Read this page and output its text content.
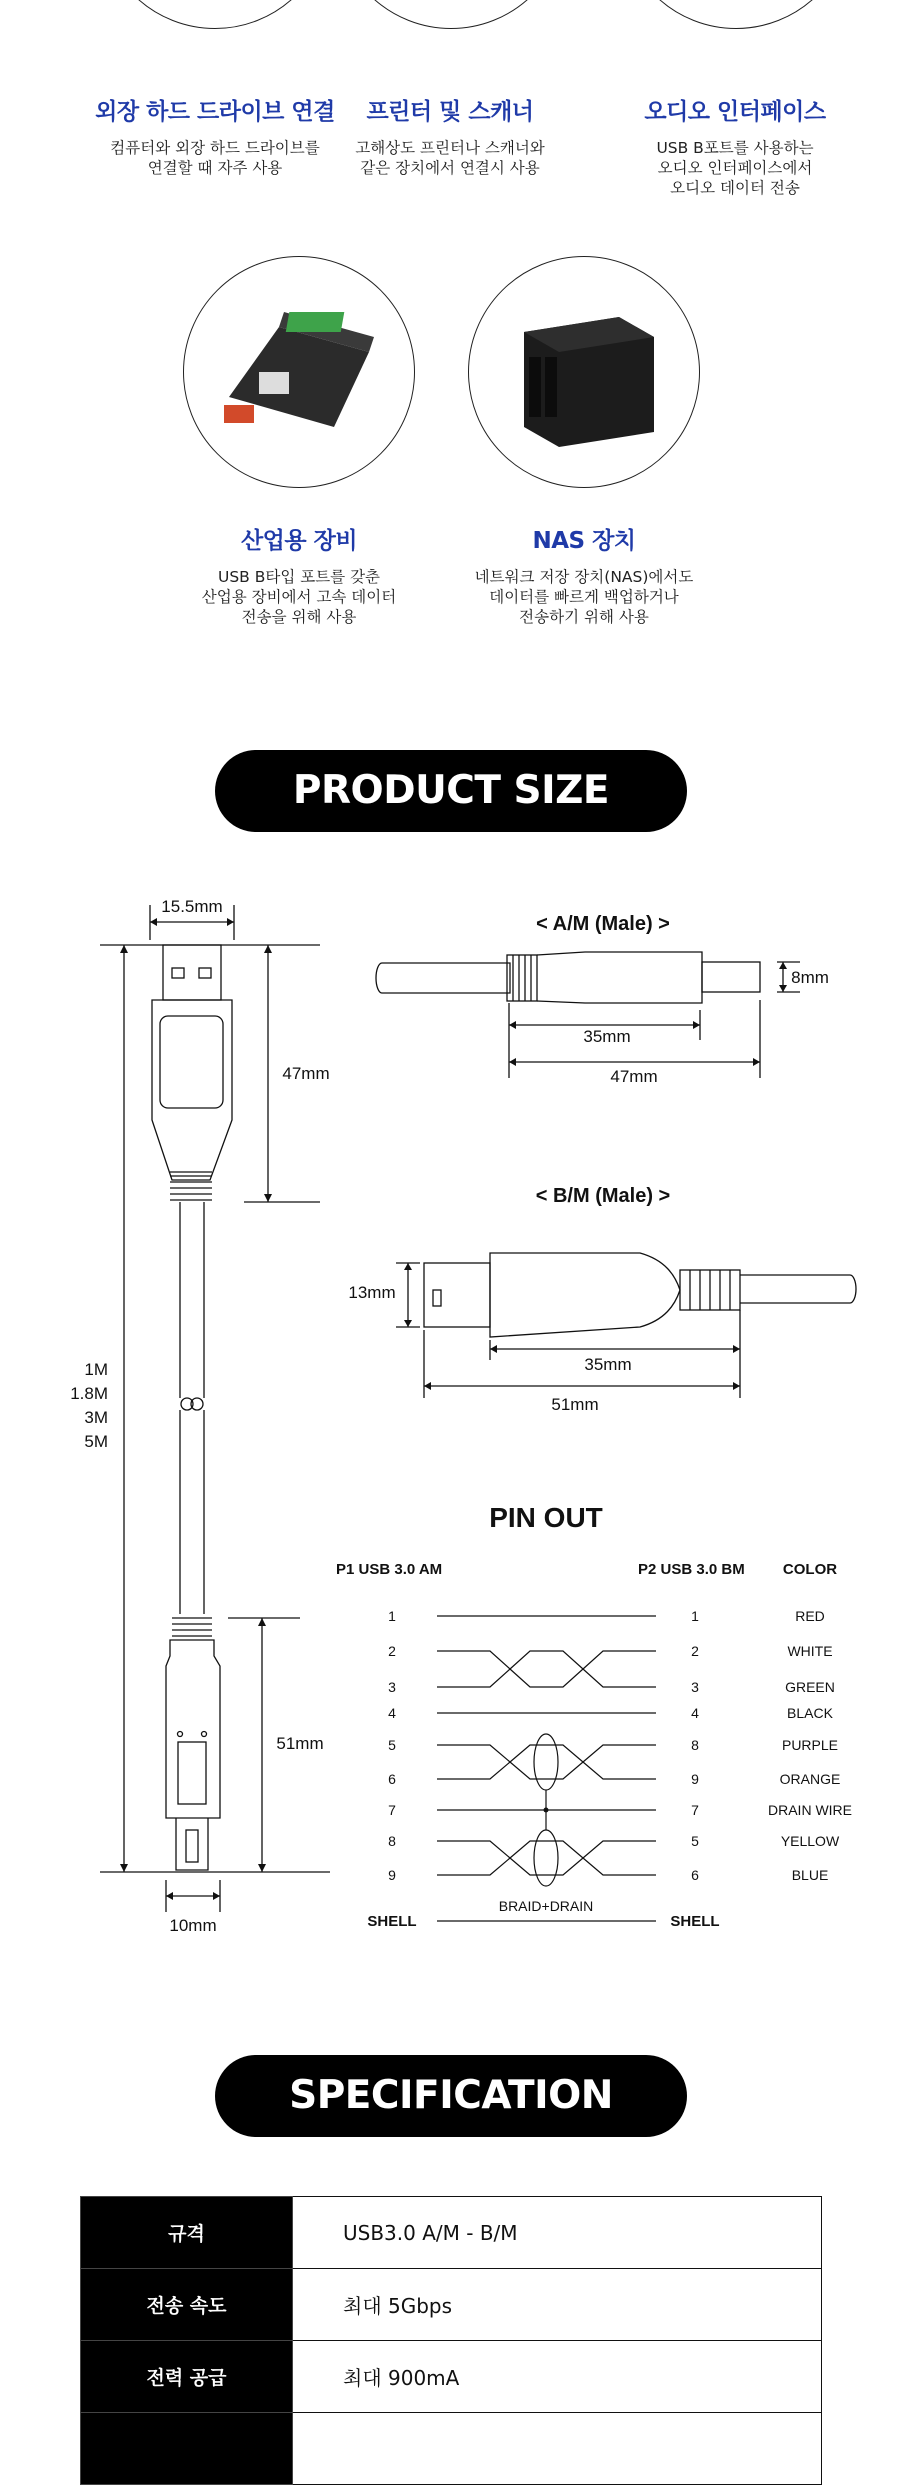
외장 하드 드라이브 연결
컴퓨터와 외장 하드 드라이브를
연결할 때 자주 사용
프린터 및 스캐너
고해상도 프린터나 스캐너와
같은 장치에서 연결시 사용
오디오 인터페이스
USB B포트를 사용하는
오디오 인터페이스에서
오디오 데이터 전송
산업용 장비
USB B타입 포트를 갖춘
산업용 장비에서 고속 데이터
전송을 위해 사용
NAS 장치
네트워크 저장 장치(NAS)에서도
데이터를 빠르게 백업하거나
전송하기 위해 사용
PRODUCT SIZE
15.5mm
47mm
1M
1.8M
3M
5M
51mm
10mm
< A/M (Male) >
8mm
35mm
47mm
< B/M (Male) >
13mm
35mm
51mm
PIN OUT
P1 USB 3.0 AM	P2 USB 3.0 BM	COLOR
1	1	RED
2	2	WHITE
3	3	GREEN
4	4	BLACK
5	8	PURPLE
6	9	ORANGE
7	7	DRAIN WIRE
8	5	YELLOW
9	6	BLUE
SHELL	SHELL
BRAID+DRAIN
SPECIFICATION
규격	USB3.0 A/M - B/M
전송 속도	최대 5Gbps
전력 공급	최대 900mA
